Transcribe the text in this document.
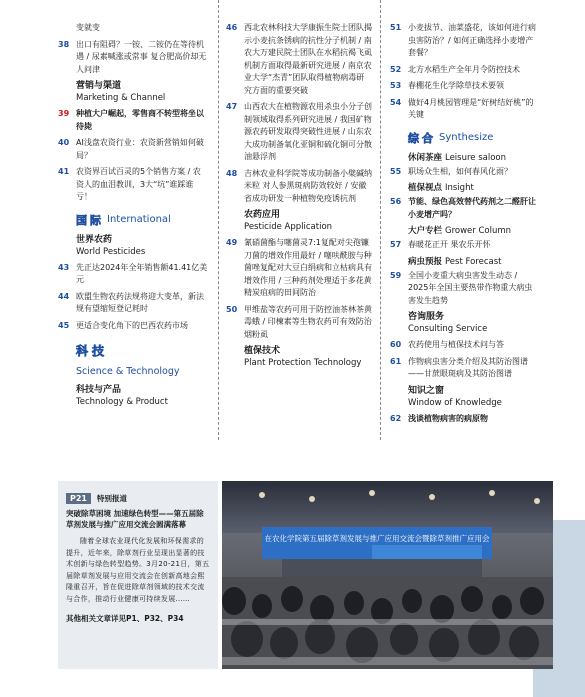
变就变
38 出口有阻碍？一铵、二铵仍在等待机遇 / 尿素喊涨或常事 复合肥高价却无人问津
营销与渠道
Marketing & Channel
39 种植大户崛起，零售商不转型将坐以待毙
40 AI浅盘农资行业：农资新营销如何破局？
41 农资界百试百灵的5个销售方案 / 农资人的血泪教训，3大“坑”谁踩谁亏！
国际 International
世界农药
World Pesticides
43 先正达2024年全年销售额41.41亿美元
44 欧盟生物农药法规将迎大变革，新法规有望缩短登记耗时
45 更适合变化角下的巴西农药市场
科技
Science & Technology
科技与产品
Technology & Product
46 西北农林科技大学康振生院士团队揭示小麦抗条锈病的抗性分子机制 / 南农大万建民院士团队在水稻抗褐飞虱机制方面取得最新研究进展 / 南京农业大学“杰青”团队取得植物病毒研究方面的重要突破
47 山西农大在植物源农用杀虫小分子创制领域取得系列研究进展 / 我国矿物源农药研发取得突破性进展 / 山东农大成功制备氧化亚铜和硫化铜可分散油悬浮剂
48 吉林农业科学院等成功制备小檗碱纳米粒 对人参黑斑病防效较好 / 安徽省成功研发一种植物免疫诱抗剂
农药应用
Pesticide Application
49 氰硝菌酯与噻菌灵7:1复配对尖孢镰刀菌的增效作用最好 / 噻呋酰胺与种菌唑复配对大豆白绢病和立枯病具有增效作用 / 三种药剂处理适于多花黄精炭疽病的田间防治
50 甲维盐等农药可用于防控油茶林茶黄毒蛾 / 印楝素等生物农药可有效防治烟粉虱
植保技术
Plant Protection Technology
51 小麦拔节、油菜盛花，该如何进行病虫害防治？/ 如何正确选择小麦增产套餐？
52 北方水稻生产全年月令防控技术
53 春棚花生化学除草技术要领
54 做好4月桃园管理是“好树结好桃”的关键
综合 Synthesize
休闲茶座 Leisure saloon
55 职场众生相，如何春风化雨？
植保视点 Insight
56 节能、绿色高效替代药剂之二醛肝让小麦增产吗？
大户专栏 Grower Column
57 春暖花正开 果农乐开怀
病虫预报 Pest Forecast
59 全国小麦重大病虫害发生动态 / 2025年全国主要热带作物重大病虫害发生趋势
咨询服务
Consulting Service
60 农药使用与植保技术问与答
61 作物病虫害分类介绍及其防治图谱——甘蔗眼斑病及其防治图谱
知识之窗
Window of Knowledge
62 浅谈植物病害的病原物
P21	特别报道
突破除草困境 加速绿色转型——第五届除草剂发展与推广应用交流会圆满落幕
随着全球农业现代化发展和环保需求的提升，近年来，除草剂行业呈现出显著的技术创新与绿色转型趋势。3月20-21日，第五届除草剂发展与应用交流会在创新高地会熙隆重召开，旨在促进除草剂领域的技术交流与合作，推动行业健康可持续发展……
其他相关文章详见P1、P32、P34
在农化学院第五届除草剂发展与推广应用交流会暨除草剂推广应用会
